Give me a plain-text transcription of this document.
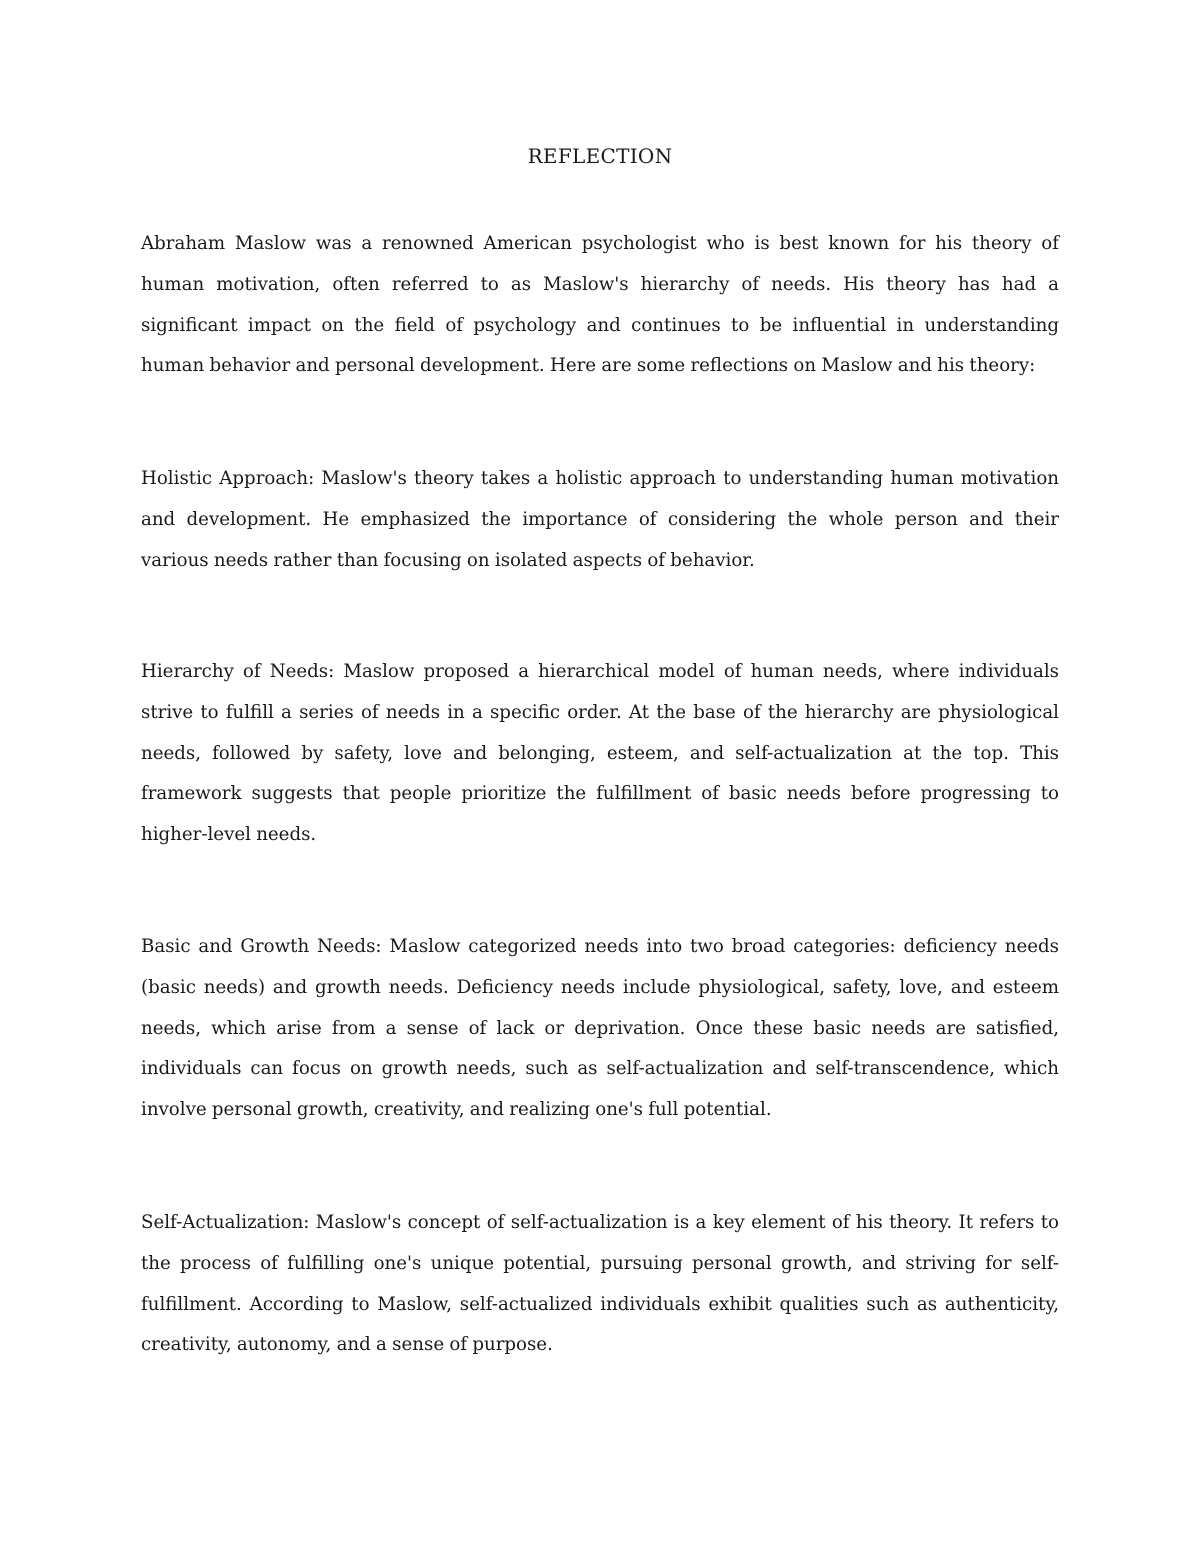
REFLECTION

Abraham Maslow was a renowned American psychologist who is best known for his theory of human motivation, often referred to as Maslow's hierarchy of needs. His theory has had a significant impact on the field of psychology and continues to be influential in understanding human behavior and personal development. Here are some reflections on Maslow and his theory:

Holistic Approach: Maslow's theory takes a holistic approach to understanding human motivation and development. He emphasized the importance of considering the whole person and their various needs rather than focusing on isolated aspects of behavior.

Hierarchy of Needs: Maslow proposed a hierarchical model of human needs, where individuals strive to fulfill a series of needs in a specific order. At the base of the hierarchy are physiological needs, followed by safety, love and belonging, esteem, and self-actualization at the top. This framework suggests that people prioritize the fulfillment of basic needs before progressing to higher-level needs.

Basic and Growth Needs: Maslow categorized needs into two broad categories: deficiency needs (basic needs) and growth needs. Deficiency needs include physiological, safety, love, and esteem needs, which arise from a sense of lack or deprivation. Once these basic needs are satisfied, individuals can focus on growth needs, such as self-actualization and self-transcendence, which involve personal growth, creativity, and realizing one's full potential.

Self-Actualization: Maslow's concept of self-actualization is a key element of his theory. It refers to the process of fulfilling one's unique potential, pursuing personal growth, and striving for self-fulfillment. According to Maslow, self-actualized individuals exhibit qualities such as authenticity, creativity, autonomy, and a sense of purpose.
